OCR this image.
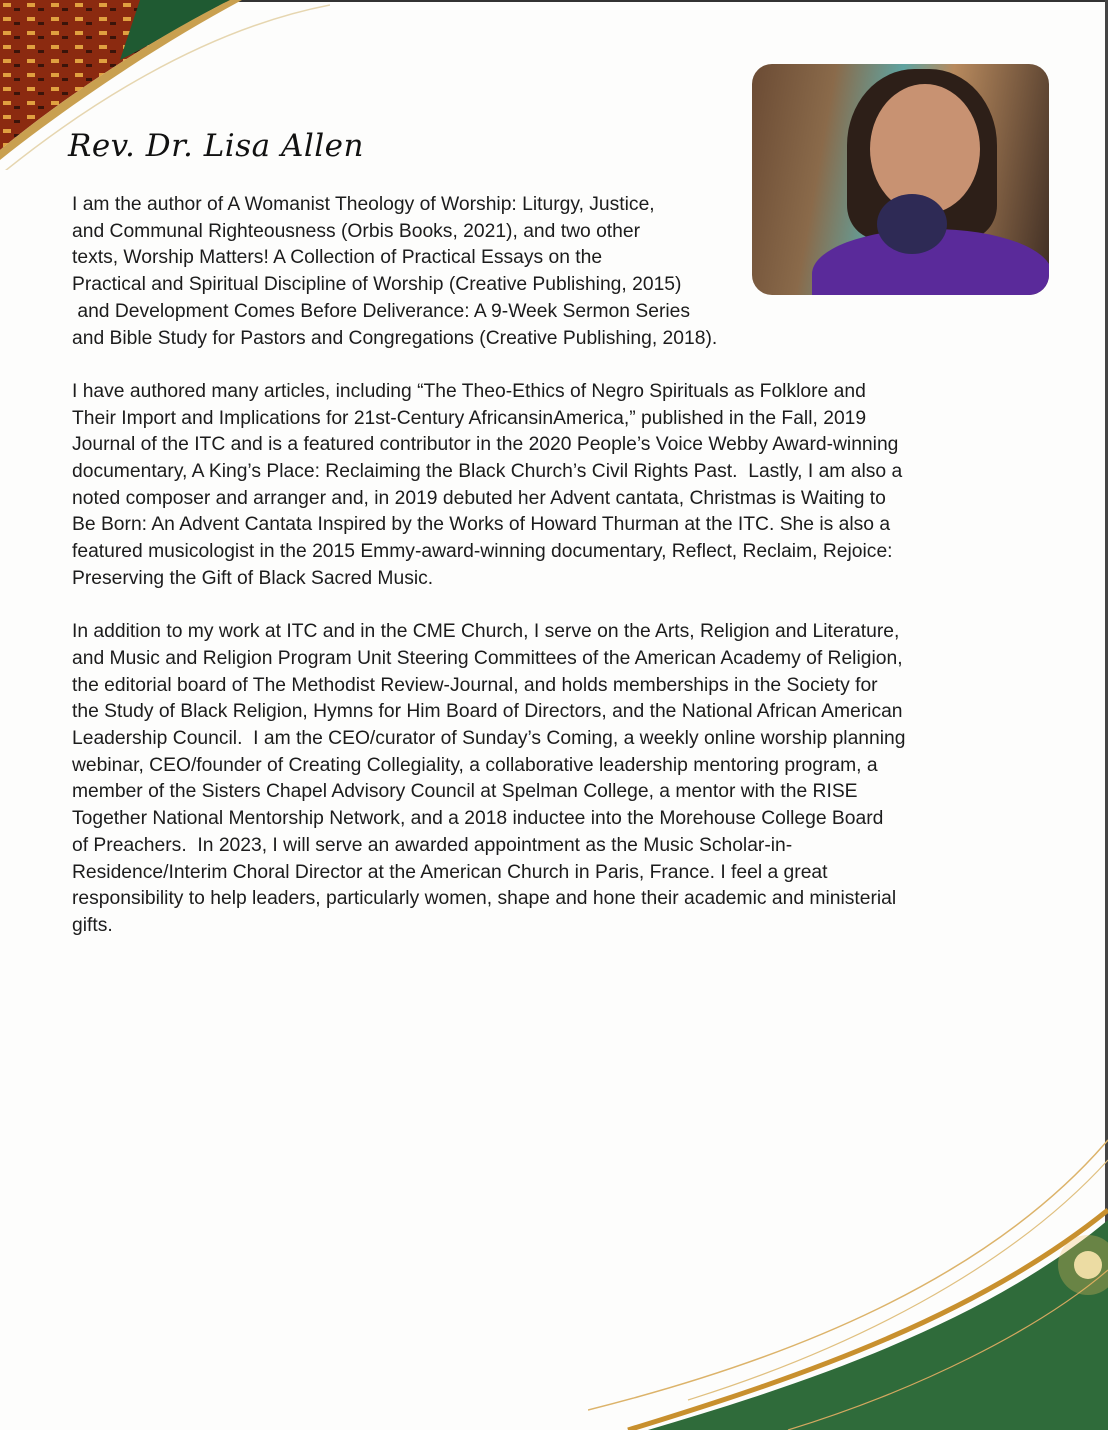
Rev. Dr. Lisa Allen
I am the author of A Womanist Theology of Worship: Liturgy, Justice,
and Communal Righteousness (Orbis Books, 2021), and two other
texts, Worship Matters! A Collection of Practical Essays on the
Practical and Spiritual Discipline of Worship (Creative Publishing, 2015)
and Development Comes Before Deliverance: A 9-Week Sermon Series
and Bible Study for Pastors and Congregations (Creative Publishing, 2018).
I have authored many articles, including “The Theo-Ethics of Negro Spirituals as Folklore and
Their Import and Implications for 21st-Century AfricansinAmerica,” published in the Fall, 2019
Journal of the ITC and is a featured contributor in the 2020 People’s Voice Webby Award-winning
documentary, A King’s Place: Reclaiming the Black Church’s Civil Rights Past.  Lastly, I am also a
noted composer and arranger and, in 2019 debuted her Advent cantata, Christmas is Waiting to
Be Born: An Advent Cantata Inspired by the Works of Howard Thurman at the ITC. She is also a
featured musicologist in the 2015 Emmy-award-winning documentary, Reflect, Reclaim, Rejoice:
Preserving the Gift of Black Sacred Music.
In addition to my work at ITC and in the CME Church, I serve on the Arts, Religion and Literature,
and Music and Religion Program Unit Steering Committees of the American Academy of Religion,
the editorial board of The Methodist Review-Journal, and holds memberships in the Society for
the Study of Black Religion, Hymns for Him Board of Directors, and the National African American
Leadership Council.  I am the CEO/curator of Sunday’s Coming, a weekly online worship planning
webinar, CEO/founder of Creating Collegiality, a collaborative leadership mentoring program, a
member of the Sisters Chapel Advisory Council at Spelman College, a mentor with the RISE
Together National Mentorship Network, and a 2018 inductee into the Morehouse College Board
of Preachers.  In 2023, I will serve an awarded appointment as the Music Scholar-in-
Residence/Interim Choral Director at the American Church in Paris, France. I feel a great
responsibility to help leaders, particularly women, shape and hone their academic and ministerial
gifts.
